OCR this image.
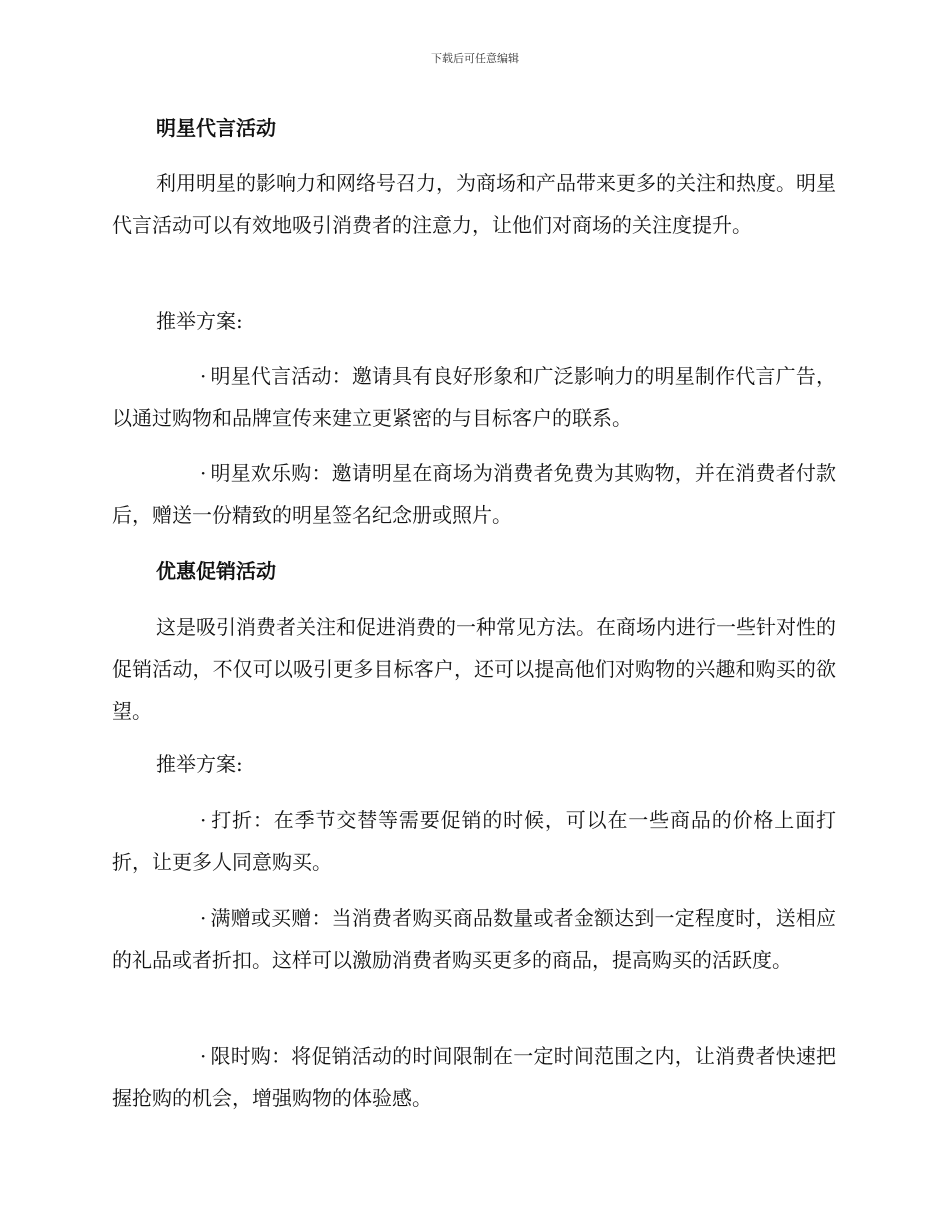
下载后可任意编辑
明星代言活动

利用明星的影响力和网络号召力，为商场和产品带来更多的关注和热度。明星代言活动可以有效地吸引消费者的注意力，让他们对商场的关注度提升。

推举方案:

· 明星代言活动：邀请具有良好形象和广泛影响力的明星制作代言广告，以通过购物和品牌宣传来建立更紧密的与目标客户的联系。

· 明星欢乐购：邀请明星在商场为消费者免费为其购物，并在消费者付款后，赠送一份精致的明星签名纪念册或照片。

优惠促销活动

这是吸引消费者关注和促进消费的一种常见方法。在商场内进行一些针对性的促销活动，不仅可以吸引更多目标客户，还可以提高他们对购物的兴趣和购买的欲望。

推举方案:

· 打折：在季节交替等需要促销的时候，可以在一些商品的价格上面打折，让更多人同意购买。

· 满赠或买赠：当消费者购买商品数量或者金额达到一定程度时，送相应的礼品或者折扣。这样可以激励消费者购买更多的商品，提高购买的活跃度。

· 限时购：将促销活动的时间限制在一定时间范围之内，让消费者快速把握抢购的机会，增强购物的体验感。
